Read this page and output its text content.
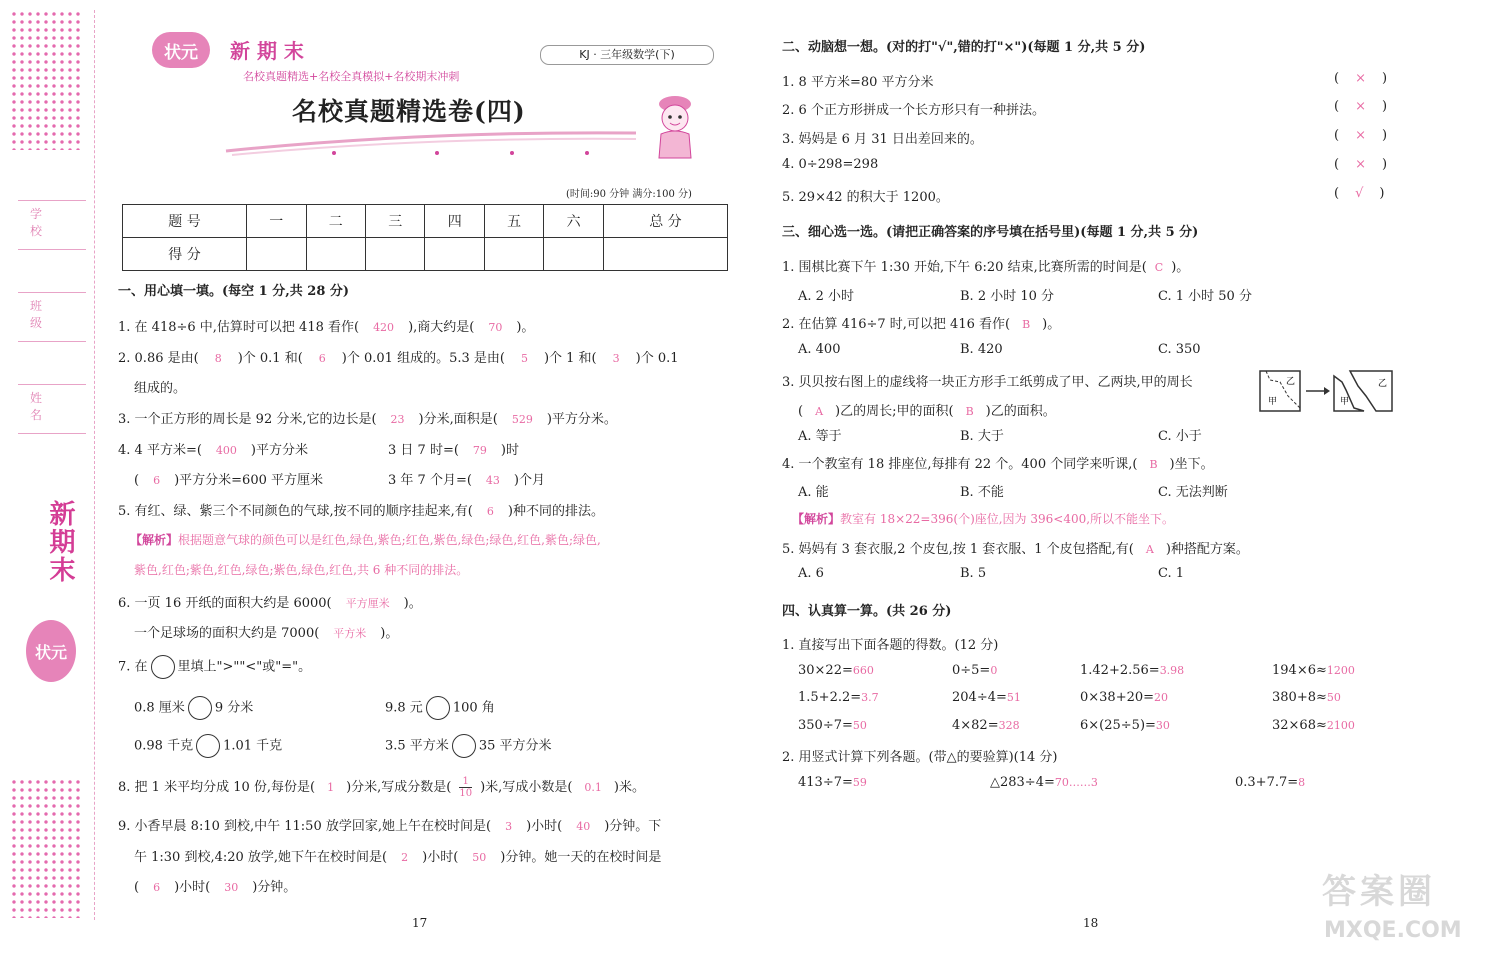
学校
班级
姓名
新期末
状元
状元	新 期 末
名校真题精选+名校全真模拟+名校期末冲刺
KJ · 三年级数学(下)
名校真题精选卷(四)
(时间:90 分钟 满分:100 分)
题 号	一	二	三	四	五	六	总 分
得 分							
一、用心填一填。(每空 1 分,共 28 分)
1. 在 418÷6 中,估算时可以把 418 看作( 420 ),商大约是( 70 )。
2. 0.86 是由( 8 )个 0.1 和( 6 )个 0.01 组成的。5.3 是由( 5 )个 1 和( 3 )个 0.1
组成的。
3. 一个正方形的周长是 92 分米,它的边长是( 23 )分米,面积是( 529 )平方分米。
4. 4 平方米=( 400 )平方分米	3 日 7 时=( 79 )时
( 6 )平方分米=600 平方厘米	3 年 7 个月=( 43 )个月
5. 有红、绿、紫三个不同颜色的气球,按不同的顺序挂起来,有( 6 )种不同的排法。
【解析】根据题意气球的颜色可以是红色,绿色,紫色;红色,紫色,绿色;绿色,红色,紫色;绿色,
紫色,红色;紫色,红色,绿色;紫色,绿色,红色,共 6 种不同的排法。
6. 一页 16 开纸的面积大约是 6000( 平方厘米 )。
一个足球场的面积大约是 7000( 平方米 )。
7. 在 里填上">""<"或"="。
0.8 厘米 9 分米	9.8 元 100 角
0.98 千克 1.01 千克	3.5 平方米 35 平方分米
8. 把 1 米平均分成 10 份,每份是( 1 )分米,写成分数是( $\frac{1}{10}$ )米,写成小数是( 0.1 )米。
9. 小香早晨 8:10 到校,中午 11:50 放学回家,她上午在校时间是( 3 )小时( 40 )分钟。下
午 1:30 到校,4:20 放学,她下午在校时间是( 2 )小时( 50 )分钟。她一天的在校时间是
( 6 )小时( 30 )分钟。
17
二、动脑想一想。(对的打"√",错的打"×")(每题 1 分,共 5 分)
1. 8 平方米=80 平方分米	( × )
2. 6 个正方形拼成一个长方形只有一种拼法。	( × )
3. 妈妈是 6 月 31 日出差回来的。	( × )
4. 0÷298=298	( × )
5. 29×42 的积大于 1200。	( √ )
三、细心选一选。(请把正确答案的序号填在括号里)(每题 1 分,共 5 分)
1. 围棋比赛下午 1:30 开始,下午 6:20 结束,比赛所需的时间是( C )。
A. 2 小时	B. 2 小时 10 分	C. 1 小时 50 分
2. 在估算 416÷7 时,可以把 416 看作( B )。
A. 400	B. 420	C. 350
3. 贝贝按右图上的虚线将一块正方形手工纸剪成了甲、乙两块,甲的周长
( A )乙的周长;甲的面积( B )乙的面积。
A. 等于	B. 大于	C. 小于
甲
乙
甲
乙
4. 一个教室有 18 排座位,每排有 22 个。400 个同学来听课,( B )坐下。
A. 能	B. 不能	C. 无法判断
【解析】教室有 18×22=396(个)座位,因为 396<400,所以不能坐下。
5. 妈妈有 3 套衣服,2 个皮包,按 1 套衣服、1 个皮包搭配,有( A )种搭配方案。
A. 6	B. 5	C. 1
四、认真算一算。(共 26 分)
1. 直接写出下面各题的得数。(12 分)
30×22=660	0÷5=0	1.42+2.56=3.98	194×6≈1200
1.5+2.2=3.7	204÷4=51	0×38+20=20	380+8≈50
350÷7=50	4×82=328	6×(25÷5)=30	32×68≈2100
2. 用竖式计算下列各题。(带△的要验算)(14 分)
413÷7=59	△283÷4=70……3	0.3+7.7=8
18
答案圈
MXQE.COM
